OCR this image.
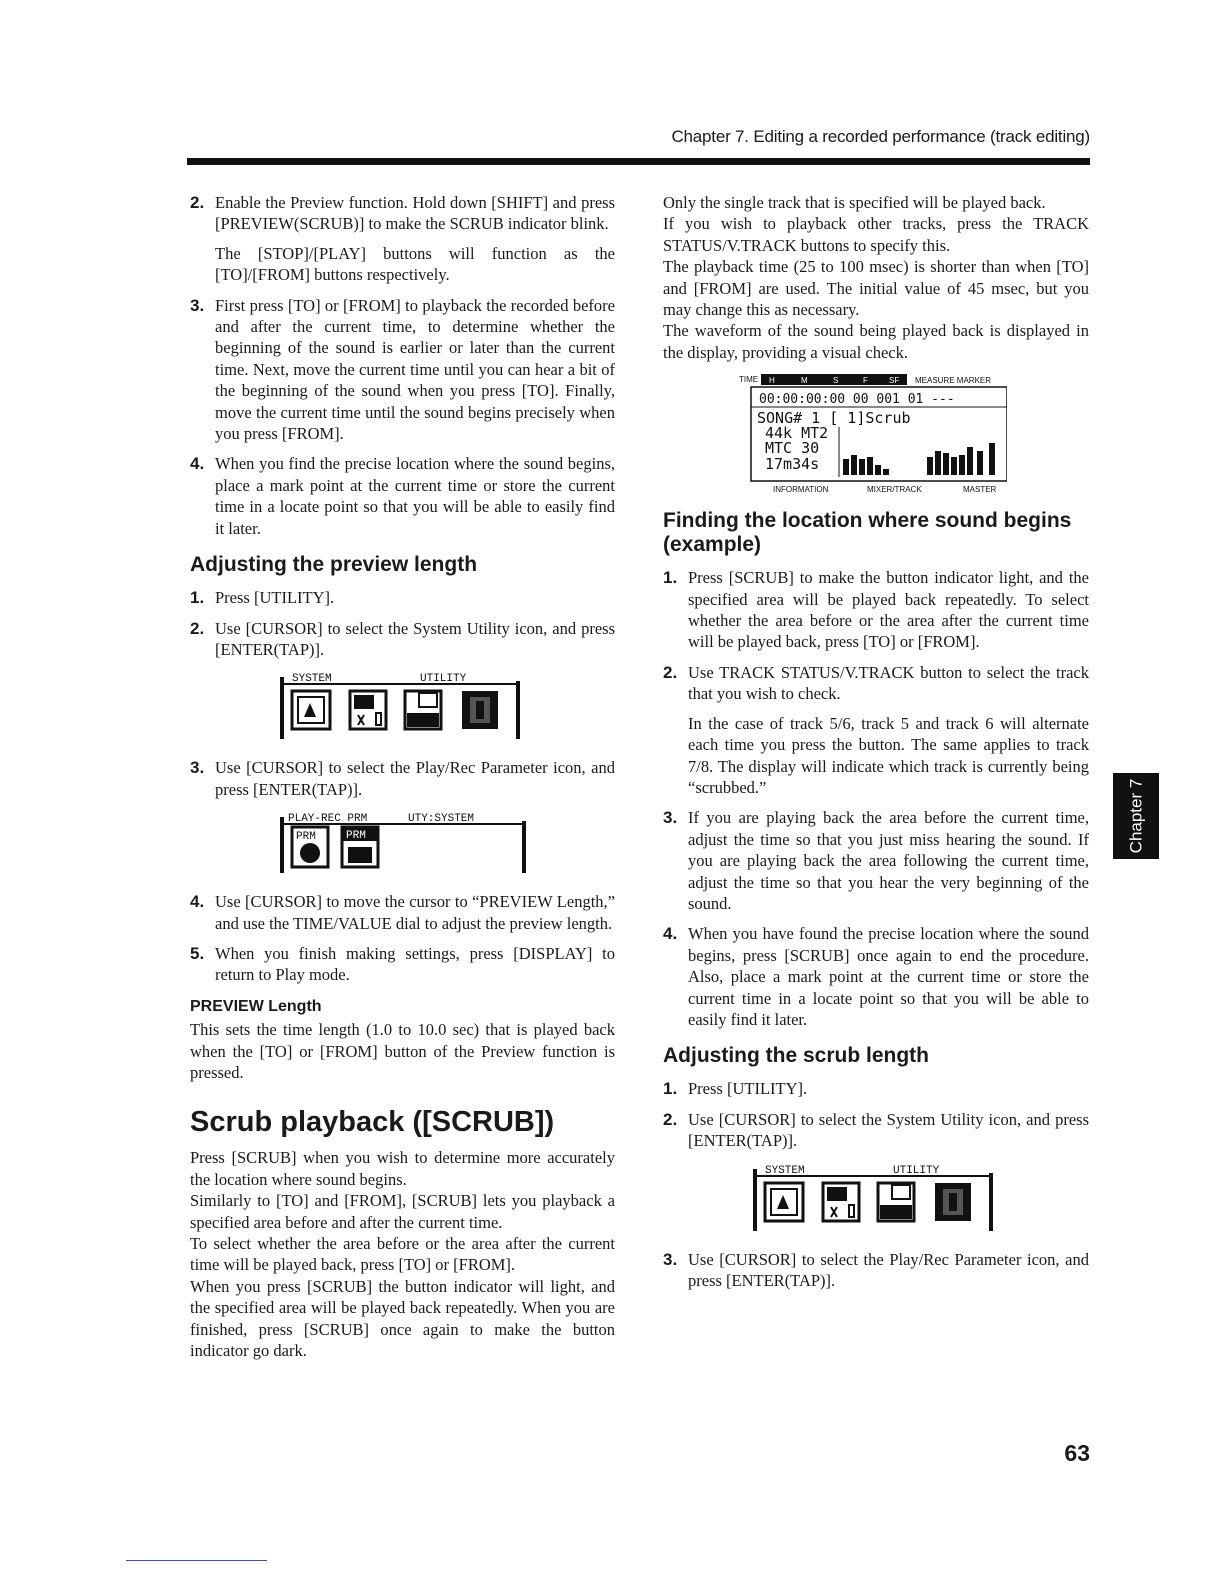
Chapter 7. Editing a recorded performance (track editing)
2. Enable the Preview function. Hold down [SHIFT] and press [PREVIEW(SCRUB)] to make the SCRUB indicator blink.

The [STOP]/[PLAY] buttons will function as the [TO]/[FROM] buttons respectively.

3. First press [TO] or [FROM] to playback the recorded before and after the current time, to determine whether the beginning of the sound is earlier or later than the current time. Next, move the current time until you can hear a bit of the beginning of the sound when you press [TO]. Finally, move the current time until the sound begins precisely when you press [FROM].

4. When you find the precise location where the sound begins, place a mark point at the current time or store the current time in a locate point so that you will be able to easily find it later.

Adjusting the preview length
1. Press [UTILITY].

2. Use [CURSOR] to select the System Utility icon, and press [ENTER(TAP)].

SYSTEM	UTILITY
3. Use [CURSOR] to select the Play/Rec Parameter icon, and press [ENTER(TAP)].

PLAY-REC PRM	UTY:SYSTEM
PRM	PRM
4. Use [CURSOR] to move the cursor to “PREVIEW Length,” and use the TIME/VALUE dial to adjust the preview length.

5. When you finish making settings, press [DISPLAY] to return to Play mode.

PREVIEW Length

This sets the time length (1.0 to 10.0 sec) that is played back when the [TO] or [FROM] button of the Preview function is pressed.

Scrub playback ([SCRUB])

Press [SCRUB] when you wish to determine more accurately the location where sound begins.

Similarly to [TO] and [FROM], [SCRUB] lets you playback a specified area before and after the current time.

To select whether the area before or the area after the current time will be played back, press [TO] or [FROM].

When you press [SCRUB] the button indicator will light, and the specified area will be played back repeatedly. When you are finished, press [SCRUB] once again to make the button indicator go dark.

Only the single track that is specified will be played back.

If you wish to playback other tracks, press the TRACK STATUS/V.TRACK buttons to specify this.

The playback time (25 to 100 msec) is shorter than when [TO] and [FROM] are used. The initial value of 45 msec, but you may change this as necessary.

The waveform of the sound being played back is displayed in the display, providing a visual check.

TIME H	M	S	F	SF MEASURE MARKER
00:00:00:00 00 001 01 ---
SONG# 1 [ 1]Scrub
44k MT2
MTC 30
17m34s
INFORMATION	MIXER/TRACK	MASTER
Finding the location where sound begins (example)
1. Press [SCRUB] to make the button indicator light, and the specified area will be played back repeatedly. To select whether the area before or the area after the current time will be played back, press [TO] or [FROM].

2. Use TRACK STATUS/V.TRACK button to select the track that you wish to check.

In the case of track 5/6, track 5 and track 6 will alternate each time you press the button. The same applies to track 7/8. The display will indicate which track is currently being “scrubbed.”

3. If you are playing back the area before the current time, adjust the time so that you just miss hearing the sound. If you are playing back the area following the current time, adjust the time so that you hear the very beginning of the sound.

4. When you have found the precise location where the sound begins, press [SCRUB] once again to end the procedure. Also, place a mark point at the current time or store the current time in a locate point so that you will be able to easily find it later.

Adjusting the scrub length
1. Press [UTILITY].

2. Use [CURSOR] to select the System Utility icon, and press [ENTER(TAP)].

SYSTEM	UTILITY
3. Use [CURSOR] to select the Play/Rec Parameter icon, and press [ENTER(TAP)].

Chapter 7
63
